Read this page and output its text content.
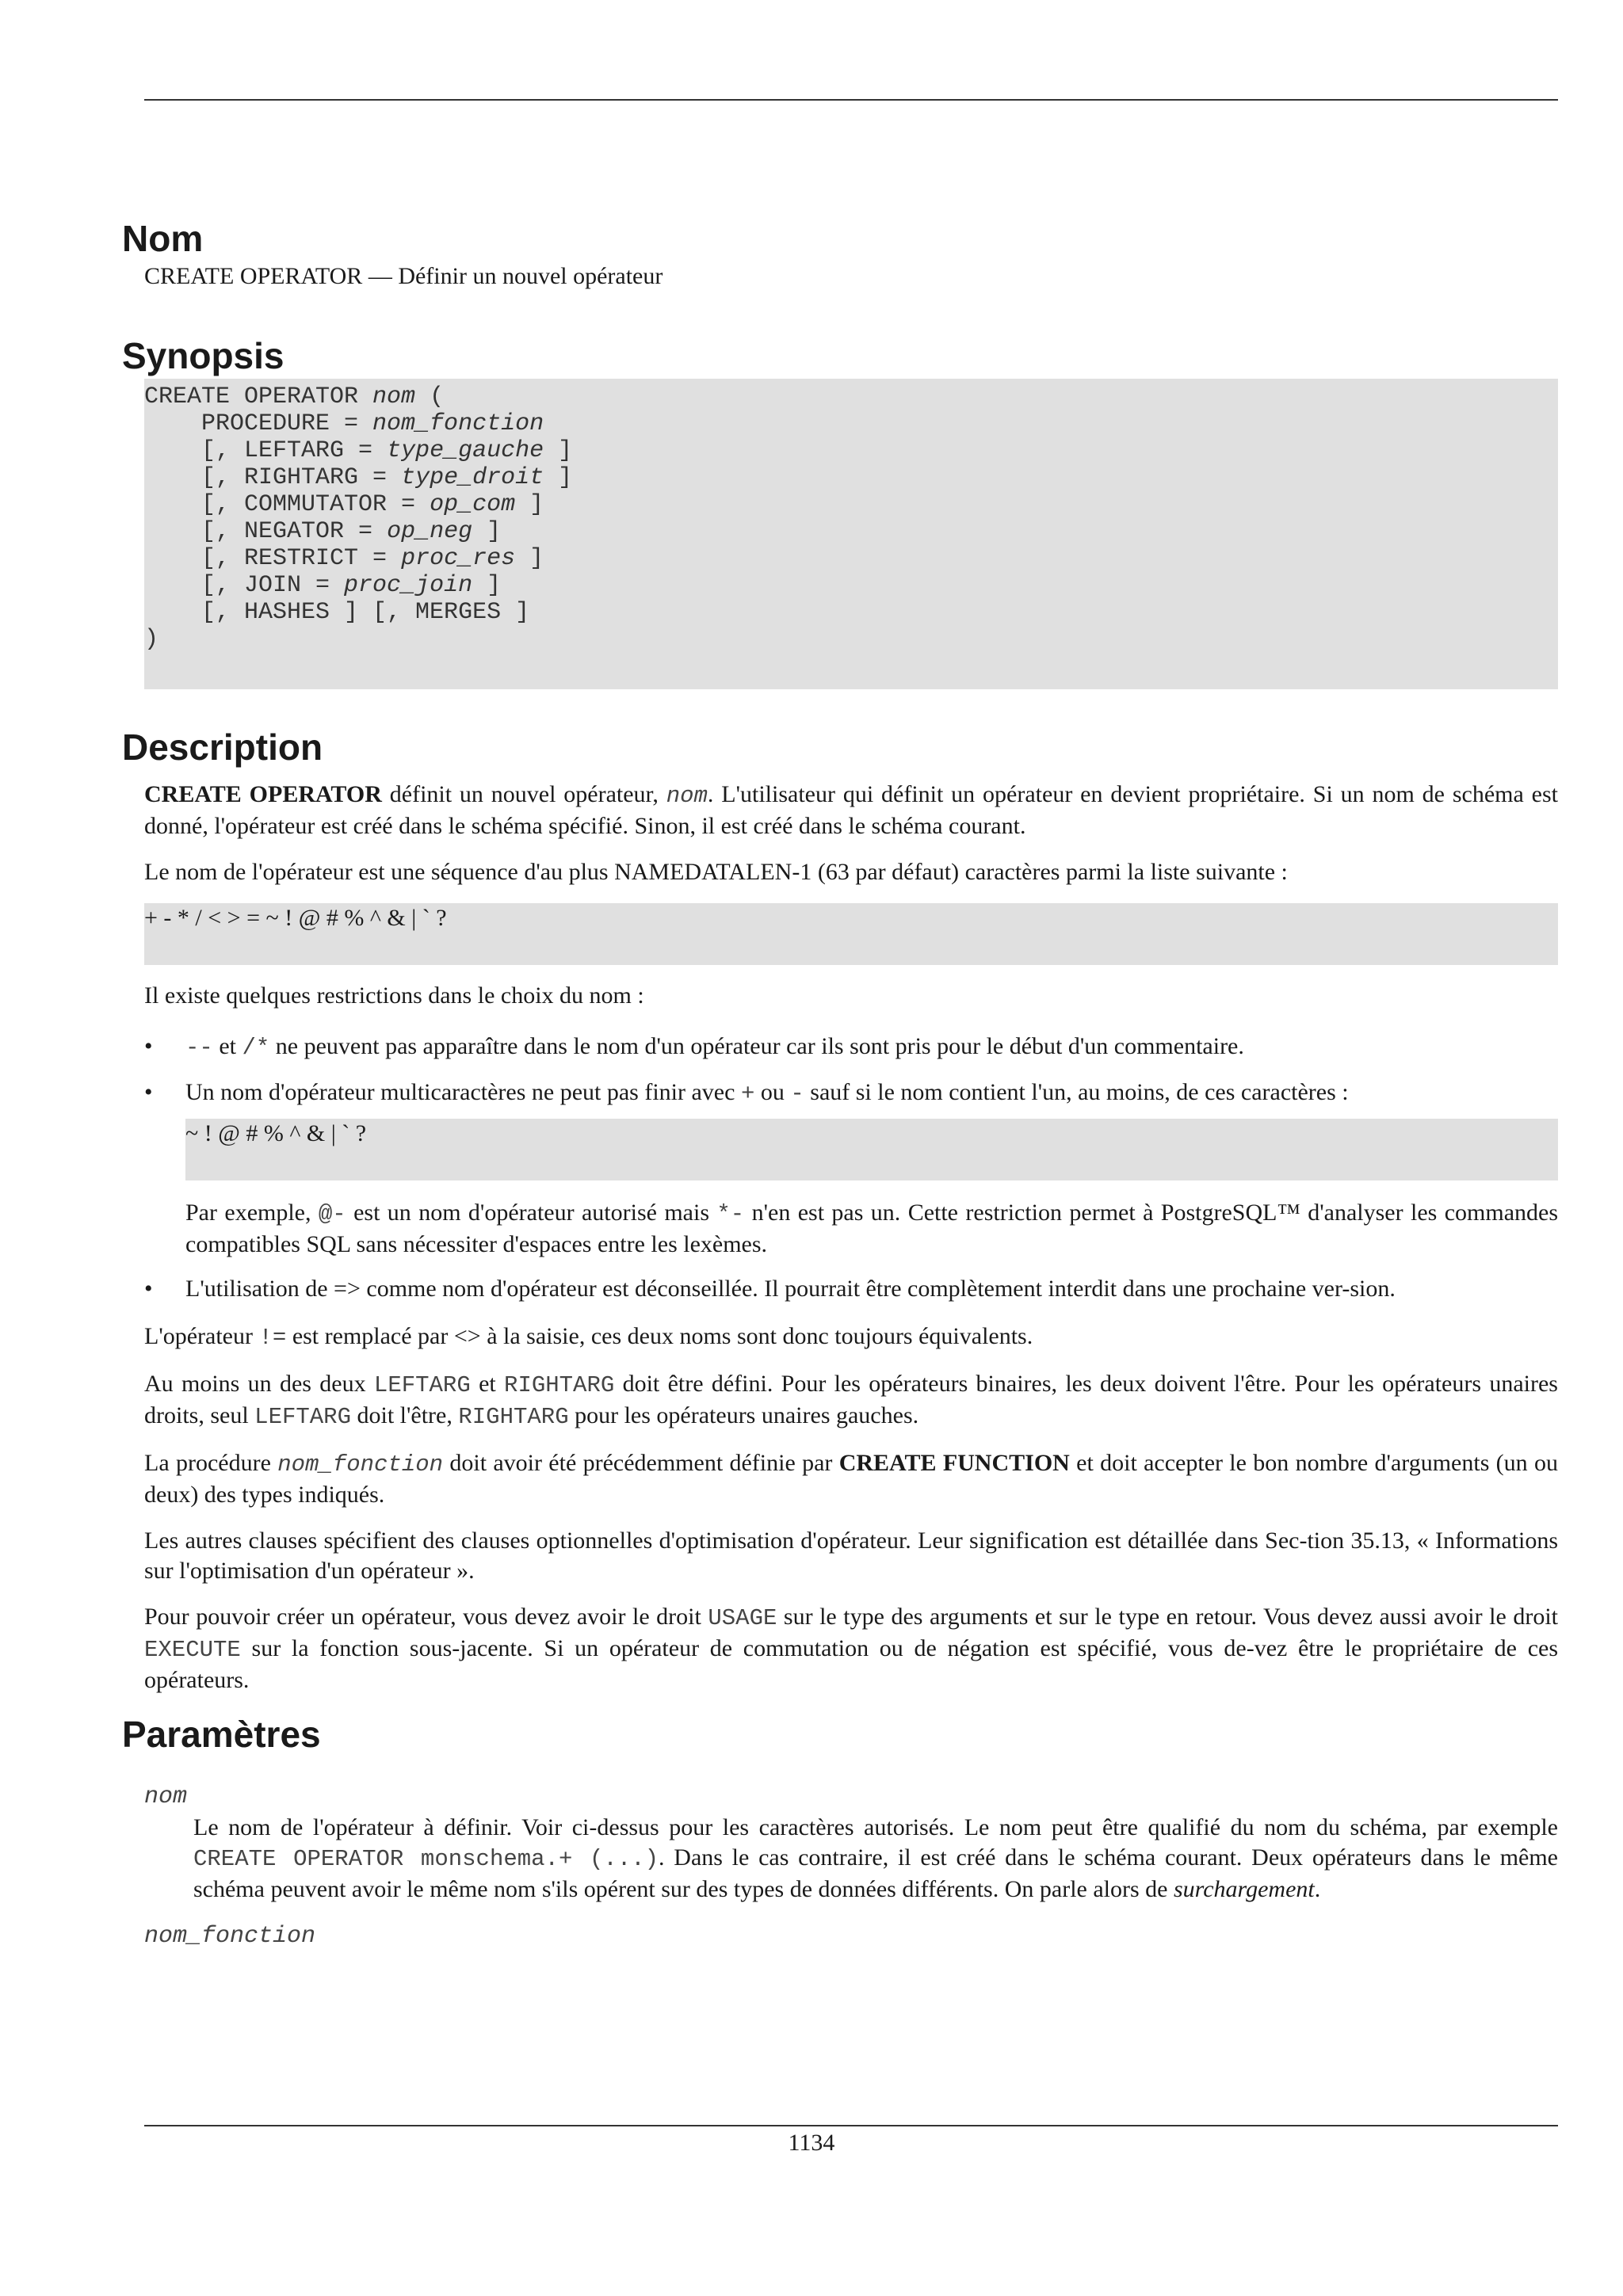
Nom
CREATE OPERATOR — Définir un nouvel opérateur
Synopsis
CREATE OPERATOR nom (
PROCEDURE = nom_fonction
[, LEFTARG = type_gauche ]
[, RIGHTARG = type_droit ]
[, COMMUTATOR = op_com ]
[, NEGATOR = op_neg ]
[, RESTRICT = proc_res ]
[, JOIN = proc_join ]
[, HASHES ] [, MERGES ]
)
Description

CREATE OPERATOR définit un nouvel opérateur, nom. L'utilisateur qui définit un opérateur en devient propriétaire. Si un nom de schéma est donné, l'opérateur est créé dans le schéma spécifié. Sinon, il est créé dans le schéma courant.

Le nom de l'opérateur est une séquence d'au plus NAMEDATALEN-1 (63 par défaut) caractères parmi la liste suivante :

+ - * / < > = ~ ! @ # % ^ & | ` ?

Il existe quelques restrictions dans le choix du nom :

• -- et /* ne peuvent pas apparaître dans le nom d'un opérateur car ils sont pris pour le début d'un commentaire.
• Un nom d'opérateur multicaractères ne peut pas finir avec + ou - sauf si le nom contient l'un, au moins, de ces caractères :
~ ! @ # % ^ & | ` ?

Par exemple, @- est un nom d'opérateur autorisé mais *- n'en est pas un. Cette restriction permet à PostgreSQL™ d'analyser les commandes compatibles SQL sans nécessiter d'espaces entre les lexèmes.

• L'utilisation de => comme nom d'opérateur est déconseillée. Il pourrait être complètement interdit dans une prochaine ver-sion.

L'opérateur != est remplacé par <> à la saisie, ces deux noms sont donc toujours équivalents.

Au moins un des deux LEFTARG et RIGHTARG doit être défini. Pour les opérateurs binaires, les deux doivent l'être. Pour les opérateurs unaires droits, seul LEFTARG doit l'être, RIGHTARG pour les opérateurs unaires gauches.

La procédure nom_fonction doit avoir été précédemment définie par CREATE FUNCTION et doit accepter le bon nombre d'arguments (un ou deux) des types indiqués.

Les autres clauses spécifient des clauses optionnelles d'optimisation d'opérateur. Leur signification est détaillée dans Sec-tion 35.13, « Informations sur l'optimisation d'un opérateur ».

Pour pouvoir créer un opérateur, vous devez avoir le droit USAGE sur le type des arguments et sur le type en retour. Vous devez aussi avoir le droit EXECUTE sur la fonction sous-jacente. Si un opérateur de commutation ou de négation est spécifié, vous de-vez être le propriétaire de ces opérateurs.

Paramètres
nom
Le nom de l'opérateur à définir. Voir ci-dessus pour les caractères autorisés. Le nom peut être qualifié du nom du schéma, par exemple CREATE OPERATOR monschema.+ (...). Dans le cas contraire, il est créé dans le schéma courant. Deux opérateurs dans le même schéma peuvent avoir le même nom s'ils opérent sur des types de données différents. On parle alors de surchargement.
nom_fonction
1134
